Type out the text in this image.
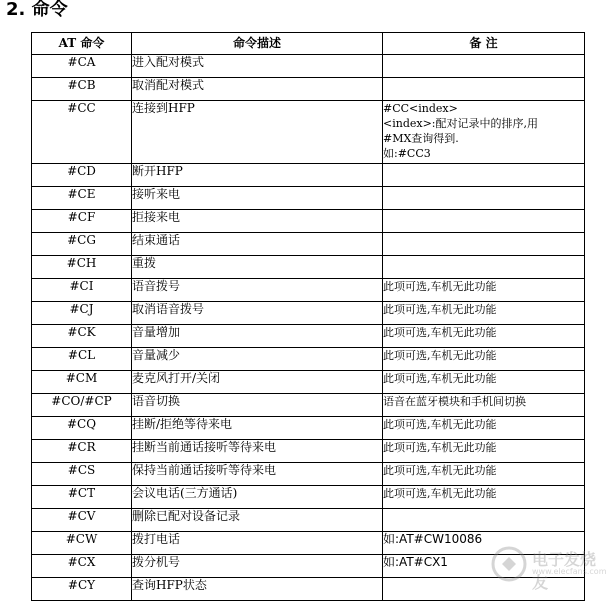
2. 命令
AT 命令	命令描述	备 注
#CA	进入配对模式	
#CB	取消配对模式	
#CC	连接到HFP	#CC<index>
<index>:配对记录中的排序,用
#MX查询得到.
如:#CC3

#CD	断开HFP	
#CE	接听来电	
#CF	拒接来电	
#CG	结束通话	
#CH	重拨	
#CI	语音拨号	此项可选,车机无此功能

#CJ	取消语音拨号	此项可选,车机无此功能

#CK	音量增加	此项可选,车机无此功能

#CL	音量减少	此项可选,车机无此功能

#CM	麦克风打开/关闭	此项可选,车机无此功能

#CO/#CP	语音切换	语音在蓝牙模块和手机间切换

#CQ	挂断/拒绝等待来电	此项可选,车机无此功能

#CR	挂断当前通话接听等待来电	此项可选,车机无此功能

#CS	保持当前通话接听等待来电	此项可选,车机无此功能

#CT	会议电话(三方通话)	此项可选,车机无此功能

#CV	删除已配对设备记录	
#CW	拨打电话	如:AT#CW10086

#CX	拨分机号	如:AT#CX1

#CY	查询HFP状态	
电子发烧友
www.elecfans.com
